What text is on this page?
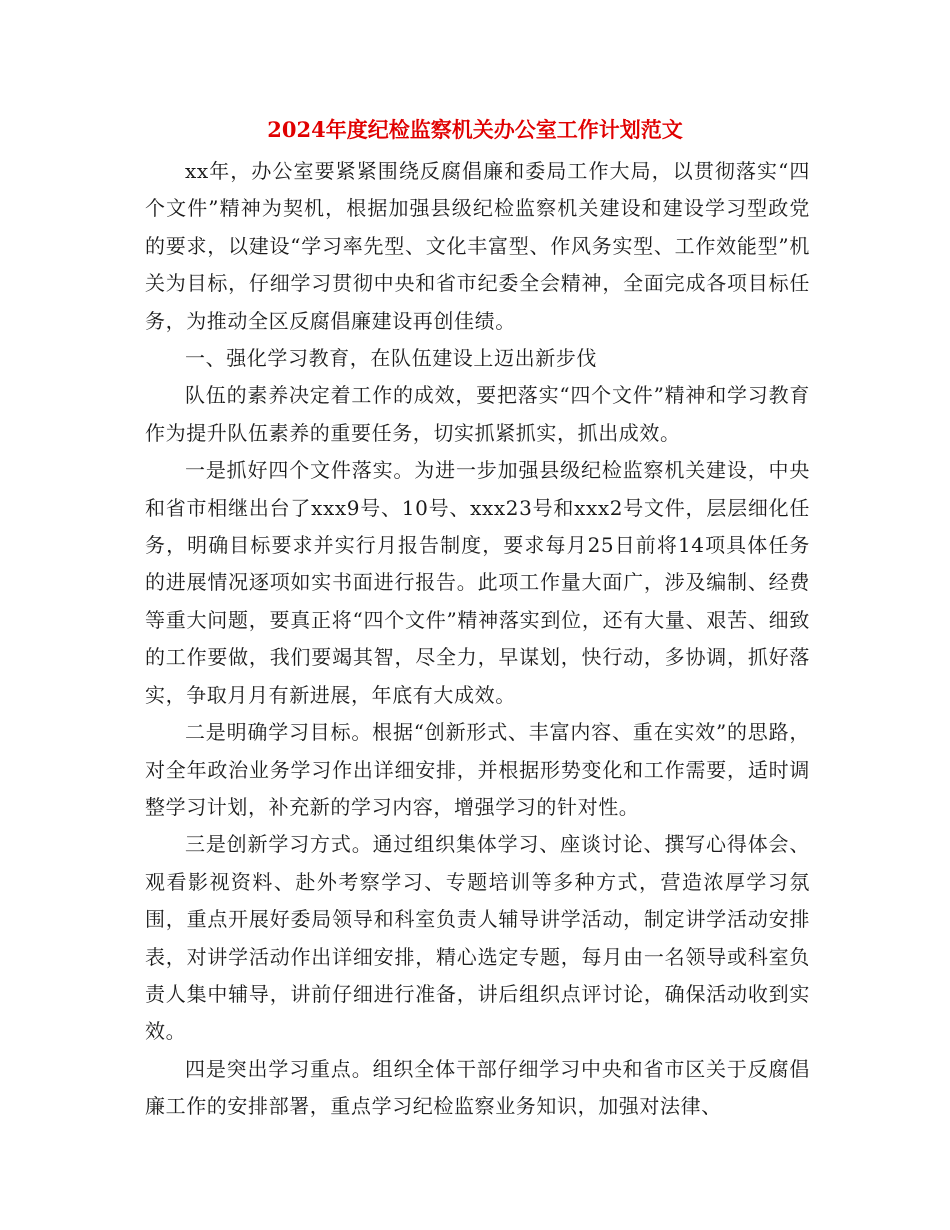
2024年度纪检监察机关办公室工作计划范文

xx年，办公室要紧紧围绕反腐倡廉和委局工作大局，以贯彻落实“四个文件”精神为契机，根据加强县级纪检监察机关建设和建设学习型政党的要求，以建设“学习率先型、文化丰富型、作风务实型、工作效能型”机关为目标，仔细学习贯彻中央和省市纪委全会精神，全面完成各项目标任务，为推动全区反腐倡廉建设再创佳绩。

一、强化学习教育，在队伍建设上迈出新步伐

队伍的素养决定着工作的成效，要把落实“四个文件”精神和学习教育作为提升队伍素养的重要任务，切实抓紧抓实，抓出成效。

一是抓好四个文件落实。为进一步加强县级纪检监察机关建设，中央和省市相继出台了xxx9号、10号、xxx23号和xxx2号文件，层层细化任务，明确目标要求并实行月报告制度，要求每月25日前将14项具体任务的进展情况逐项如实书面进行报告。此项工作量大面广，涉及编制、经费等重大问题，要真正将“四个文件”精神落实到位，还有大量、艰苦、细致的工作要做，我们要竭其智，尽全力，早谋划，快行动，多协调，抓好落实，争取月月有新进展，年底有大成效。

二是明确学习目标。根据“创新形式、丰富内容、重在实效”的思路，对全年政治业务学习作出详细安排，并根据形势变化和工作需要，适时调整学习计划，补充新的学习内容，增强学习的针对性。

三是创新学习方式。通过组织集体学习、座谈讨论、撰写心得体会、观看影视资料、赴外考察学习、专题培训等多种方式，营造浓厚学习氛围，重点开展好委局领导和科室负责人辅导讲学活动，制定讲学活动安排表，对讲学活动作出详细安排，精心选定专题，每月由一名领导或科室负责人集中辅导，讲前仔细进行准备，讲后组织点评讨论，确保活动收到实效。

四是突出学习重点。组织全体干部仔细学习中央和省市区关于反腐倡廉工作的安排部署，重点学习纪检监察业务知识，加强对法律、
